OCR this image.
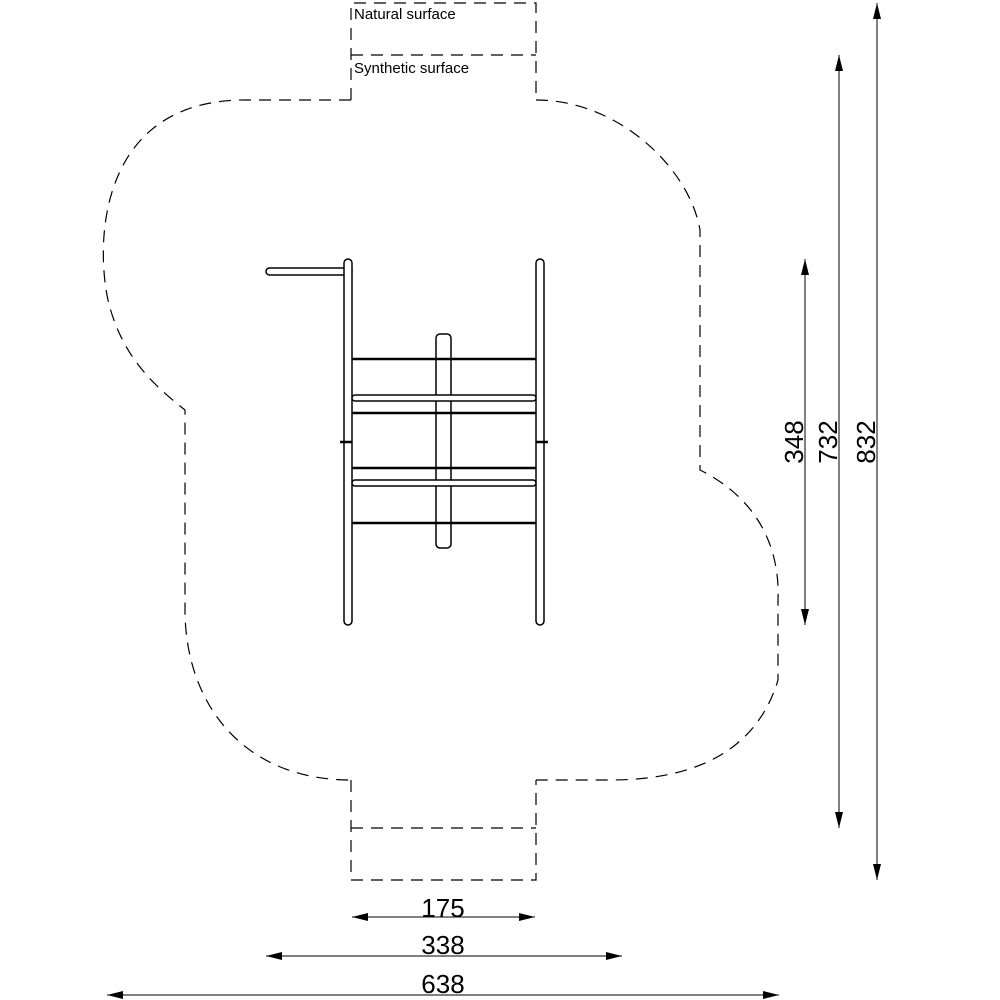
Natural surface
Synthetic surface
175
338
638
348 732 832
